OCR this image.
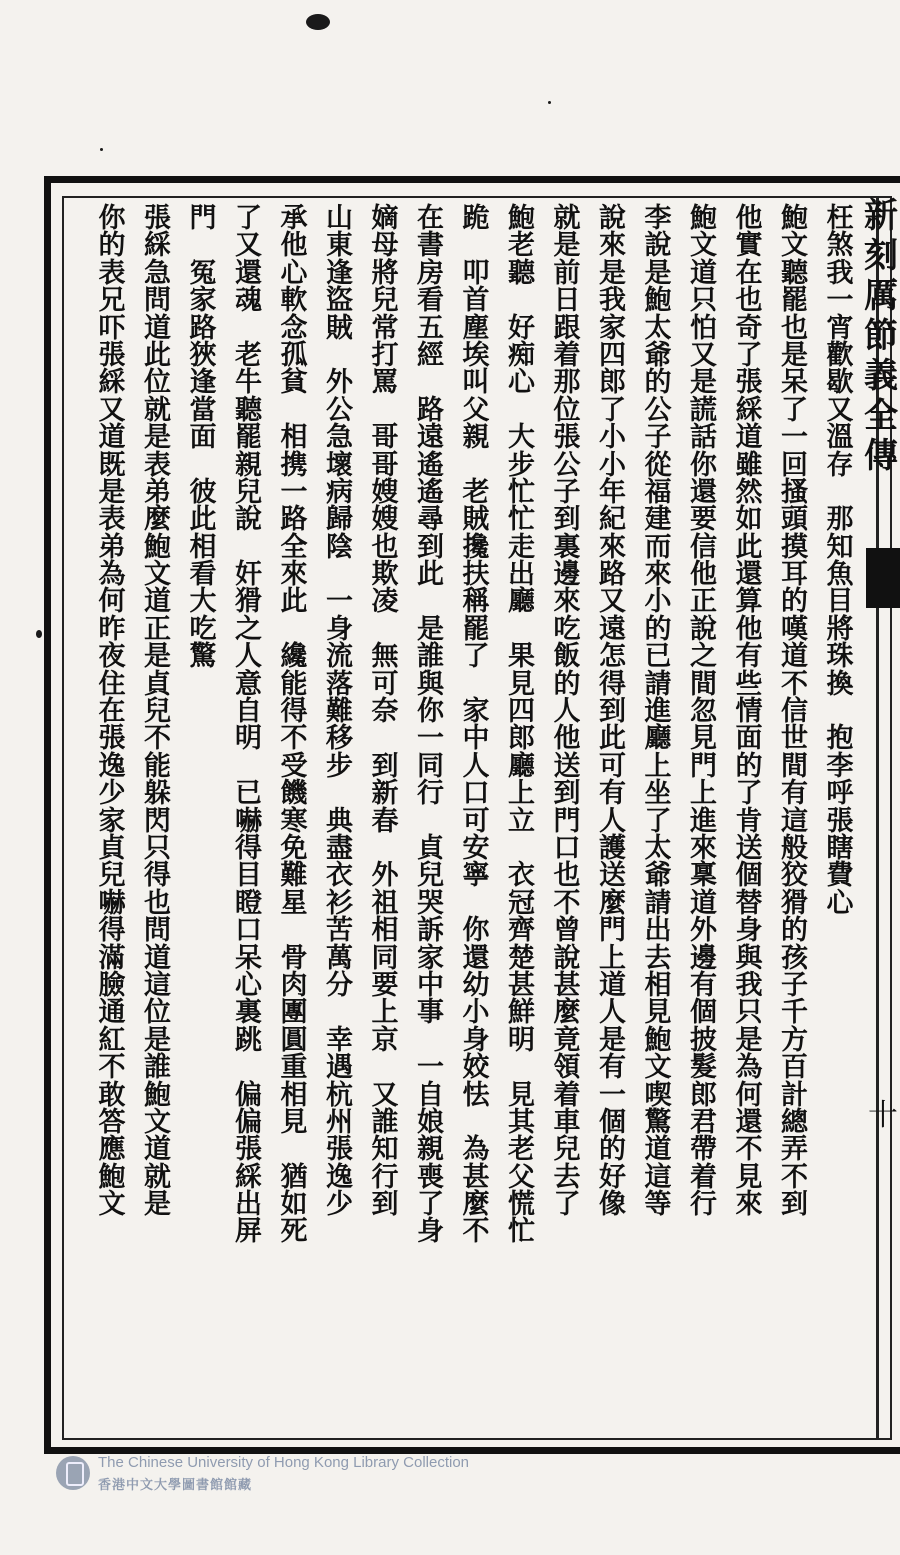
新
刻
厲
節
義
全
傳
十
枉
煞
我
一
宵
歡
歇
又
溫
存

那
知
魚
目
將
珠
換

抱
李
呼
張
瞎
費
心
鮑
文
聽
罷
也
是
呆
了
一
回
搔
頭
摸
耳
的
嘆
道
不
信
世
間
有
這
般
狡
猾
的
孩
子
千
方
百
計
總
弄
不
到
他
實
在
也
奇
了
張
綵
道
雖
然
如
此
還
算
他
有
些
情
面
的
了
肯
送
個
替
身
與
我
只
是
為
何
還
不
見
來
鮑
文
道
只
怕
又
是
謊
話
你
還
要
信
他
正
說
之
間
忽
見
門
上
進
來
稟
道
外
邊
有
個
披
髮
郎
君
帶
着
行
李
說
是
鮑
太
爺
的
公
子
從
福
建
而
來
小
的
已
請
進
廳
上
坐
了
太
爺
請
出
去
相
見
鮑
文
喫
驚
道
這
等
說
來
是
我
家
四
郎
了
小
小
年
紀
來
路
又
遠
怎
得
到
此
可
有
人
護
送
麼
門
上
道
人
是
有
一
個
的
好
像
就
是
前
日
跟
着
那
位
張
公
子
到
裏
邊
來
吃
飯
的
人
他
送
到
門
口
也
不
曾
說
甚
麼
竟
領
着
車
兒
去
了
鮑
老
聽

好
痴
心

大
步
忙
忙
走
出
廳

果
見
四
郎
廳
上
立

衣
冠
齊
楚
甚
鮮
明

見
其
老
父
慌
忙
跪

叩
首
塵
埃
叫
父
親

老
賊
攙
扶
稱
罷
了

家
中
人
口
可
安
寧

你
還
幼
小
身
姣
怯

為
甚
麼
不
在
書
房
看
五
經

路
遠
遙
遙
尋
到
此

是
誰
與
你
一
同
行

貞
兒
哭
訴
家
中
事

一
自
娘
親
喪
了
身
嫡
母
將
兒
常
打
罵

哥
哥
嫂
嫂
也
欺
凌

無
可
奈

到
新
春

外
祖
相
同
要
上
京

又
誰
知
行
到
山
東
逢
盜
賊

外
公
急
壞
病
歸
陰

一
身
流
落
難
移
步

典
盡
衣
衫
苦
萬
分

幸
遇
杭
州
張
逸
少
承
他
心
軟
念
孤
貧

相
携
一
路
全
來
此

纔
能
得
不
受
饑
寒
免
難
星

骨
肉
團
圓
重
相
見

猶
如
死
了
又
還
魂

老
牛
聽
罷
親
兒
說

奸
猾
之
人
意
自
明

已
嚇
得
目
瞪
口
呆
心
裏
跳

偏
偏
張
綵
出
屏
門

冤
家
路
狹
逢
當
面

彼
此
相
看
大
吃
驚
張
綵
急
問
道
此
位
就
是
表
弟
麼
鮑
文
道
正
是
貞
兒
不
能
躲
閃
只
得
也
問
道
這
位
是
誰
鮑
文
道
就
是
你
的
表
兄
吓
張
綵
又
道
既
是
表
弟
為
何
昨
夜
住
在
張
逸
少
家
貞
兒
嚇
得
滿
臉
通
紅
不
敢
答
應
鮑
文
The Chinese University of Hong Kong Library Collection
香港中文大學圖書館館藏
